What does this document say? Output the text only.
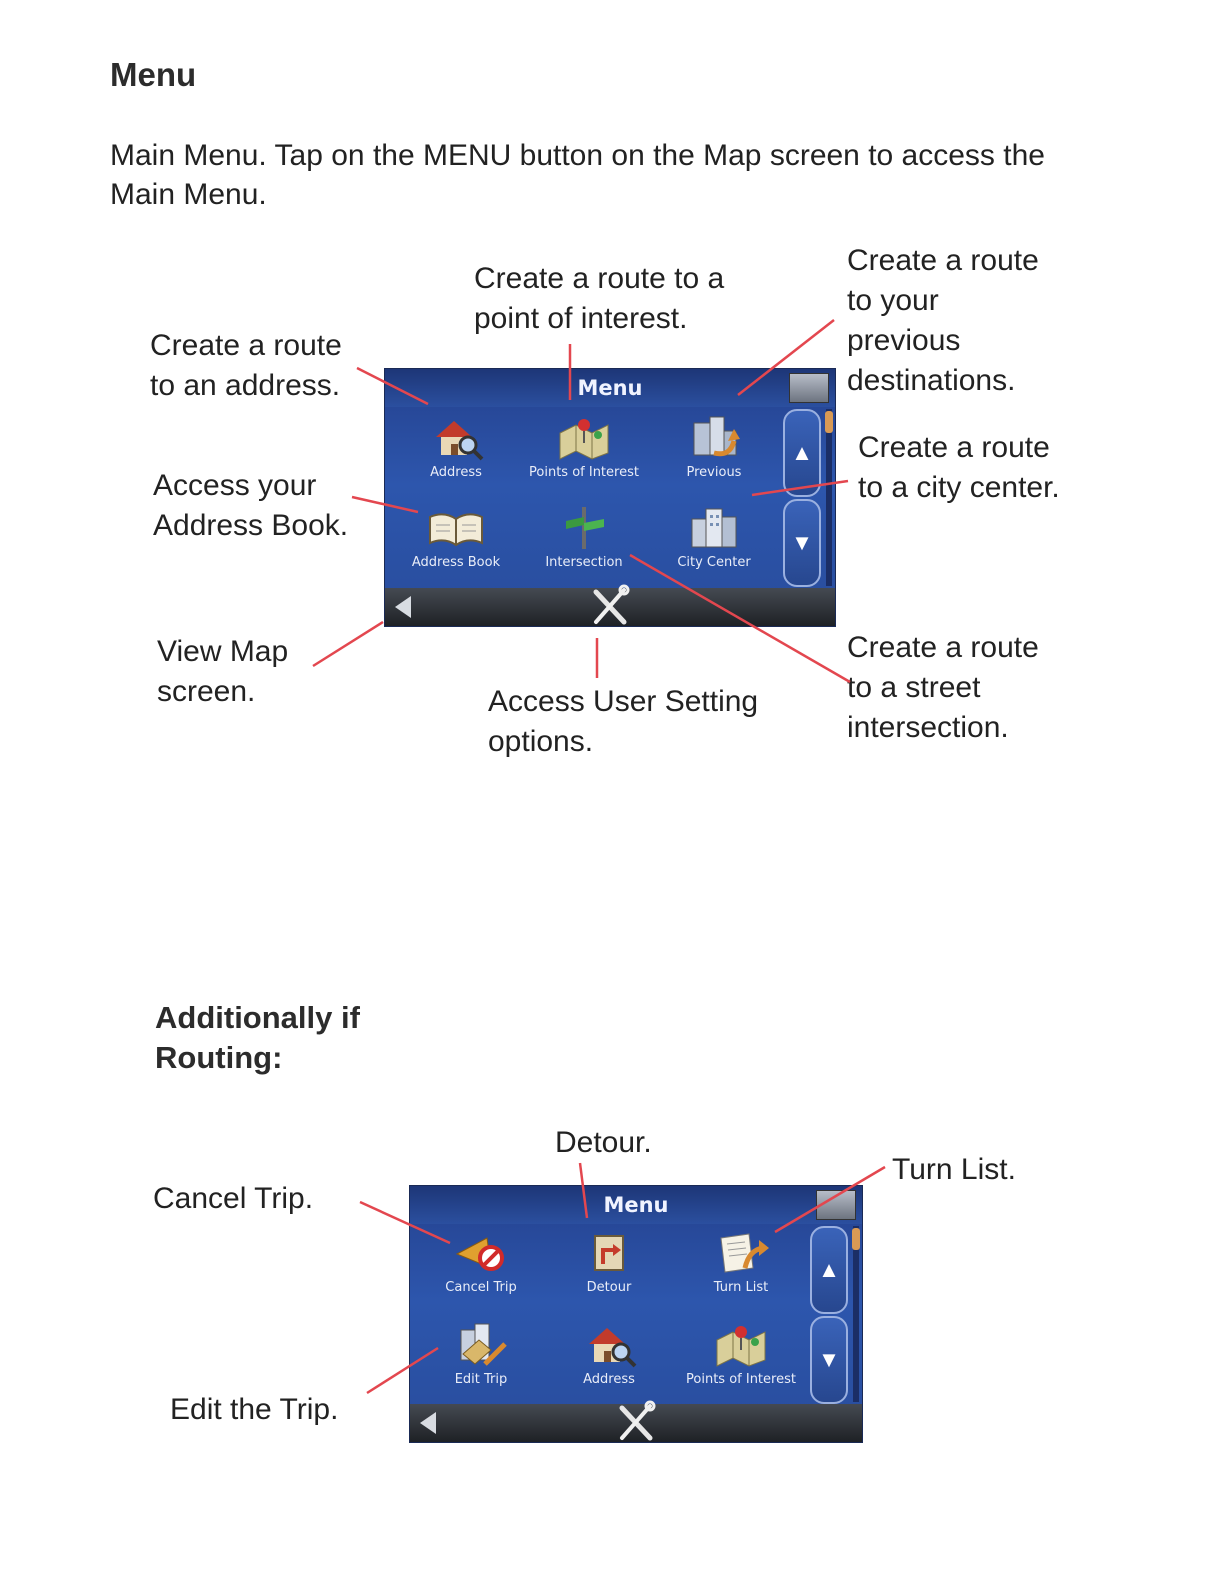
Menu
Main Menu. Tap on the MENU button on the Map screen to access the Main Menu.
Create a route
to an address.
Create a route to a
point of interest.
Create a route
to your
previous
destinations.
Access your
Address Book.
Create a route
to a city center.
View Map
screen.	Access User Setting
options.
Create a route
to a street
intersection.
Menu
Address	Points of Interest	Previous
Address Book	Intersection	City Center
▲
▼
Additionally if
Routing:
Detour.
Turn List.
Cancel Trip.
Edit the Trip.
Menu
Cancel Trip	Detour	Turn List
Edit Trip	Address	Points of Interest
▲
▼
